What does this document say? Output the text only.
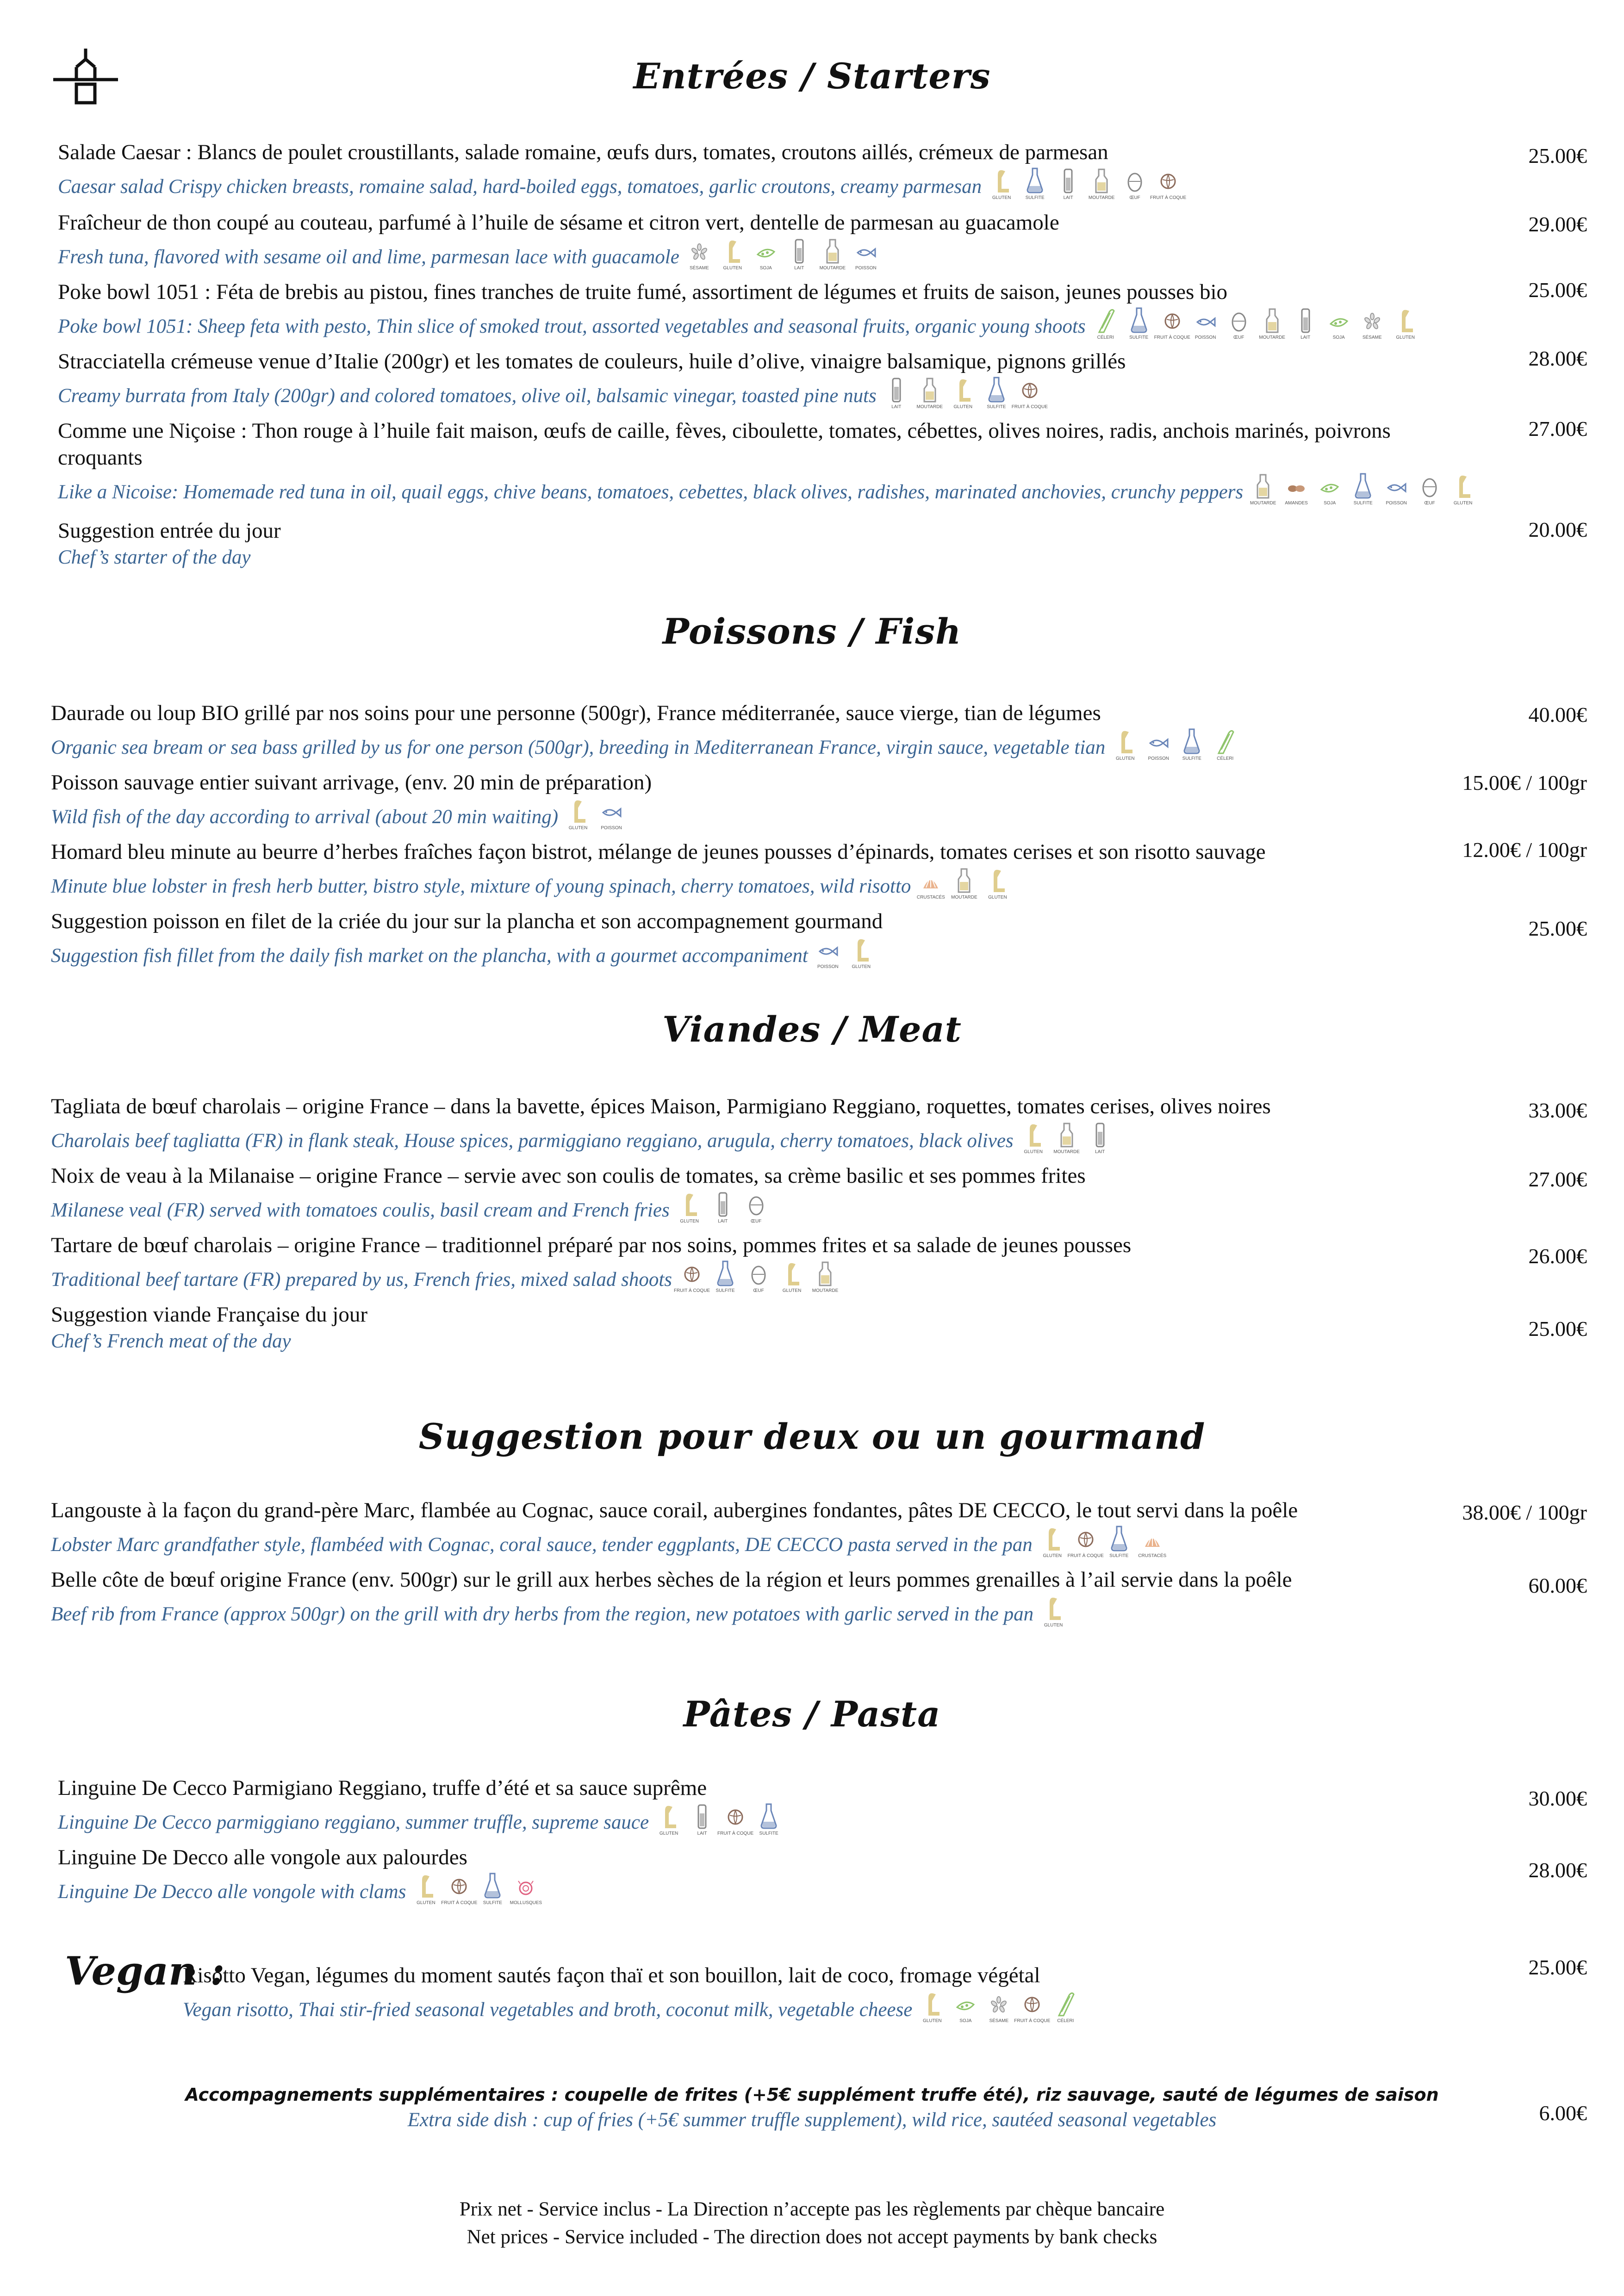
Entrées / Starters
Salade Caesar : Blancs de poulet croustillants, salade romaine, œufs durs, tomates, croutons aillés, crémeux de parmesan
Caesar salad Crispy chicken breasts, romaine salad, hard-boiled eggs, tomatoes, garlic croutons, creamy parmesan
GLUTEN	SULFITE	LAIT	MOUTARDE	ŒUF FRUIT À COQUE
25.00€
Fraîcheur de thon coupé au couteau, parfumé à l’huile de sésame et citron vert, dentelle de parmesan au guacamole
Fresh tuna, flavored with sesame oil and lime, parmesan lace with guacamole
SÉSAME	GLUTEN	SOJA	LAIT	MOUTARDE POISSON
29.00€
Poke bowl 1051 : Féta de brebis au pistou, fines tranches de truite fumé, assortiment de légumes et fruits de saison, jeunes pousses bio
Poke bowl 1051: Sheep feta with pesto, Thin slice of smoked trout, assorted vegetables and seasonal fruits, organic young shoots
CÉLERI	SULFITE FRUIT À COQUE POISSON	ŒUF	MOUTARDE	LAIT	SOJA	SÉSAME	GLUTEN
25.00€
Stracciatella crémeuse venue d’Italie (200gr) et les tomates de couleurs, huile d’olive, vinaigre balsamique, pignons grillés
Creamy burrata from Italy (200gr) and colored tomatoes, olive oil, balsamic vinegar, toasted pine nuts
LAIT	MOUTARDE GLUTEN	SULFITE FRUIT À COQUE
28.00€
Comme une Niçoise : Thon rouge à l’huile fait maison, œufs de caille, fèves, ciboulette, tomates, cébettes, olives noires, radis, anchois marinés, poivrons croquants
Like a Nicoise: Homemade red tuna in oil, quail eggs, chive beans, tomatoes, cebettes, black olives, radishes, marinated anchovies, crunchy peppers
MOUTARDE AMANDES	SOJA	SULFITE	POISSON	ŒUF	GLUTEN
27.00€
Suggestion entrée du jour
Chef’s starter of the day
20.00€
Poissons / Fish
Daurade ou loup BIO grillé par nos soins pour une personne (500gr), France méditerranée, sauce vierge, tian de légumes
Organic sea bream or sea bass grilled by us for one person (500gr), breeding in Mediterranean France, virgin sauce, vegetable tian
GLUTEN	POISSON	SULFITE	CÉLERI
40.00€
Poisson sauvage entier suivant arrivage, (env. 20 min de préparation)
Wild fish of the day according to arrival (about 20 min waiting)
GLUTEN	POISSON
15.00€ / 100gr
Homard bleu minute au beurre d’herbes fraîches façon bistrot, mélange de jeunes pousses d’épinards, tomates cerises et son risotto sauvage
Minute blue lobster in fresh herb butter, bistro style, mixture of young spinach, cherry tomatoes, wild risotto
CRUSTACÉS MOUTARDE GLUTEN
12.00€ / 100gr
Suggestion poisson en filet de la criée du jour sur la plancha et son accompagnement gourmand
Suggestion fish fillet from the daily fish market on the plancha, with a gourmet accompaniment
POISSON	GLUTEN
25.00€
Viandes / Meat
Tagliata de bœuf charolais – origine France – dans la bavette, épices Maison, Parmigiano Reggiano, roquettes, tomates cerises, olives noires
Charolais beef tagliatta (FR) in flank steak, House spices, parmiggiano reggiano, arugula, cherry tomatoes, black olives
GLUTEN MOUTARDE	LAIT
33.00€
Noix de veau à la Milanaise – origine France – servie avec son coulis de tomates, sa crème basilic et ses pommes frites
Milanese veal (FR) served with tomatoes coulis, basil cream and French fries
GLUTEN	LAIT	ŒUF
27.00€
Tartare de bœuf charolais – origine France – traditionnel préparé par nos soins, pommes frites et sa salade de jeunes pousses
Traditional beef tartare (FR) prepared by us, French fries, mixed salad shoots
FRUIT À COQUE SULFITE	ŒUF	GLUTEN MOUTARDE
26.00€
Suggestion viande Française du jour
Chef’s French meat of the day
25.00€
Suggestion pour deux ou un gourmand
Langouste à la façon du grand-père Marc, flambée au Cognac, sauce corail, aubergines fondantes, pâtes DE CECCO, le tout servi dans la poêle
Lobster Marc grandfather style, flambéed with Cognac, coral sauce, tender eggplants, DE CECCO pasta served in the pan
GLUTEN FRUIT À COQUE SULFITE CRUSTACÉS
38.00€ / 100gr
Belle côte de bœuf origine France (env. 500gr) sur le grill aux herbes sèches de la région et leurs pommes grenailles à l’ail servie dans la poêle
Beef rib from France (approx 500gr) on the grill with dry herbs from the region, new potatoes with garlic served in the pan
GLUTEN
60.00€
Pâtes / Pasta
Linguine De Cecco Parmigiano Reggiano, truffe d’été et sa sauce suprême
Linguine De Cecco parmiggiano reggiano, summer truffle, supreme sauce
GLUTEN	LAIT FRUIT À COQUE SULFITE
30.00€
Linguine De Decco alle vongole aux palourdes
Linguine De Decco alle vongole with clams
GLUTEN FRUIT À COQUE SULFITE MOLLUSQUES
28.00€
Vegan :
Risotto Vegan, légumes du moment sautés façon thaï et son bouillon, lait de coco, fromage végétal
Vegan risotto, Thai stir-fried seasonal vegetables and broth, coconut milk, vegetable cheese
GLUTEN	SOJA	SÉSAME FRUIT À COQUE CÉLERI
25.00€
Accompagnements supplémentaires : coupelle de frites (+5€ supplément truffe été), riz sauvage, sauté de légumes de saison
Extra side dish : cup of fries (+5€ summer truffle supplement), wild rice, sautéed seasonal vegetables	6.00€
Prix net - Service inclus - La Direction n’accepte pas les règlements par chèque bancaire
Net prices - Service included - The direction does not accept payments by bank checks
